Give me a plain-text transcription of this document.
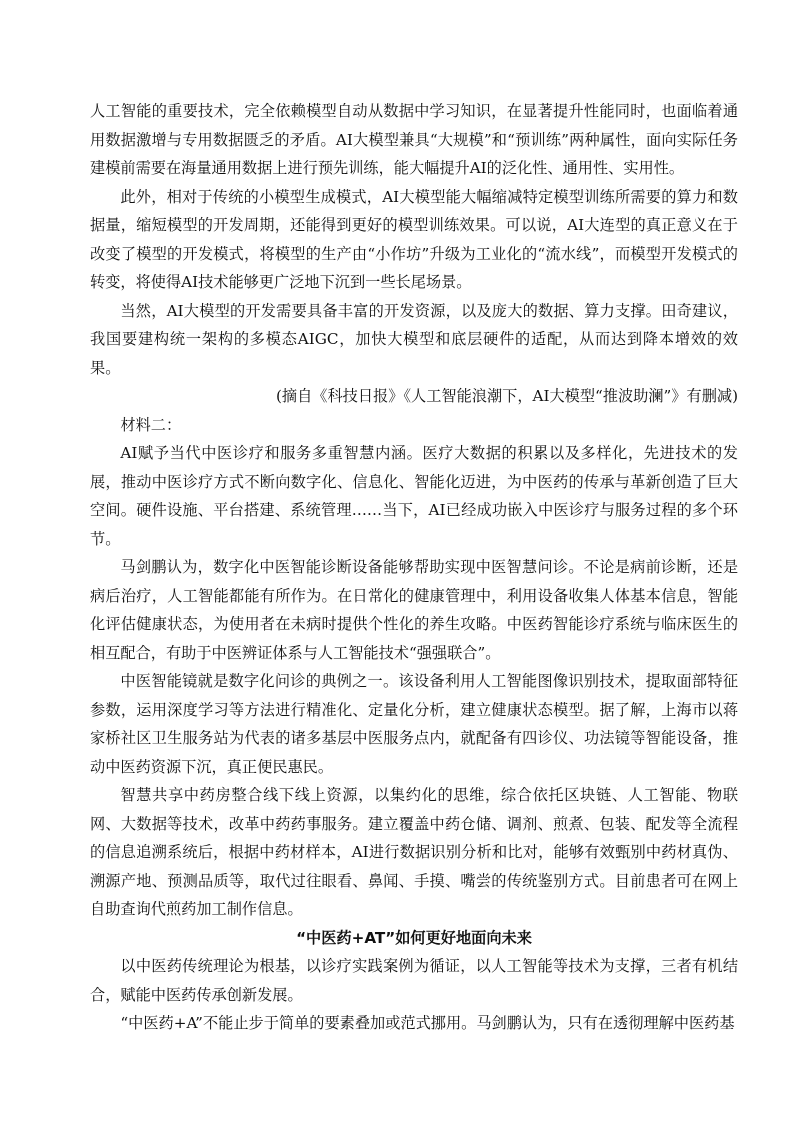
人工智能的重要技术，完全依赖模型自动从数据中学习知识，在显著提升性能同时，也面临着通用数据激增与专用数据匮乏的矛盾。AI大模型兼具“大规模”和“预训练”两种属性，面向实际任务建模前需要在海量通用数据上进行预先训练，能大幅提升AI的泛化性、通用性、实用性。

此外，相对于传统的小模型生成模式，AI大模型能大幅缩减特定模型训练所需要的算力和数据量，缩短模型的开发周期，还能得到更好的模型训练效果。可以说，AI大连型的真正意义在于改变了模型的开发模式，将模型的生产由“小作坊”升级为工业化的“流水线”，而模型开发模式的转变，将使得AI技术能够更广泛地下沉到一些长尾场景。

当然，AI大模型的开发需要具备丰富的开发资源，以及庞大的数据、算力支撑。田奇建议，我国要建构统一架构的多模态AIGC，加快大模型和底层硬件的适配，从而达到降本增效的效果。

(摘自《科技日报》《人工智能浪潮下，AI大模型“推波助澜”》有删减)

材料二：

AI赋予当代中医诊疗和服务多重智慧内涵。医疗大数据的积累以及多样化，先进技术的发展，推动中医诊疗方式不断向数字化、信息化、智能化迈进，为中医药的传承与革新创造了巨大空间。硬件设施、平台搭建、系统管理……当下，AI已经成功嵌入中医诊疗与服务过程的多个环节。

马剑鹏认为，数字化中医智能诊断设备能够帮助实现中医智慧问诊。不论是病前诊断，还是病后治疗，人工智能都能有所作为。在日常化的健康管理中，利用设备收集人体基本信息，智能化评估健康状态，为使用者在未病时提供个性化的养生攻略。中医药智能诊疗系统与临床医生的相互配合，有助于中医辨证体系与人工智能技术“强强联合”。

中医智能镜就是数字化问诊的典例之一。该设备利用人工智能图像识别技术，提取面部特征参数，运用深度学习等方法进行精准化、定量化分析，建立健康状态模型。据了解，上海市以蒋家桥社区卫生服务站为代表的诸多基层中医服务点内，就配备有四诊仪、功法镜等智能设备，推动中医药资源下沉，真正便民惠民。

智慧共享中药房整合线下线上资源，以集约化的思维，综合依托区块链、人工智能、物联网、大数据等技术，改革中药药事服务。建立覆盖中药仓储、调剂、煎煮、包装、配发等全流程的信息追溯系统后，根据中药材样本，AI进行数据识别分析和比对，能够有效甄别中药材真伪、溯源产地、预测品质等，取代过往眼看、鼻闻、手摸、嘴尝的传统鉴别方式。目前患者可在网上自助查询代煎药加工制作信息。

“中医药+AT”如何更好地面向未来

以中医药传统理论为根基，以诊疗实践案例为循证，以人工智能等技术为支撑，三者有机结合，赋能中医药传承创新发展。

“中医药+A”不能止步于简单的要素叠加或范式挪用。马剑鹏认为，只有在透彻理解中医药基
